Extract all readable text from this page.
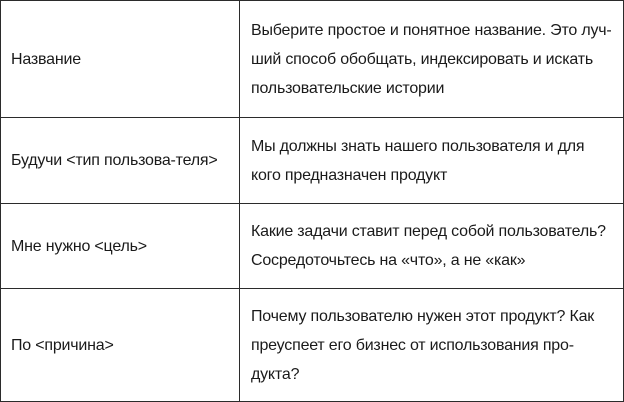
Название	Выберите простое и понятное название. Это луч-ший способ обобщать, индексировать и искать пользовательские истории
Будучи <тип пользова-теля>	Мы должны знать нашего пользователя и для кого предназначен продукт
Мне нужно <цель>	Какие задачи ставит перед собой пользователь? Сосредоточьтесь на «что», а не «как»
По <причина>	Почему пользователю нужен этот продукт? Как преуспеет его бизнес от использования про-дукта?
